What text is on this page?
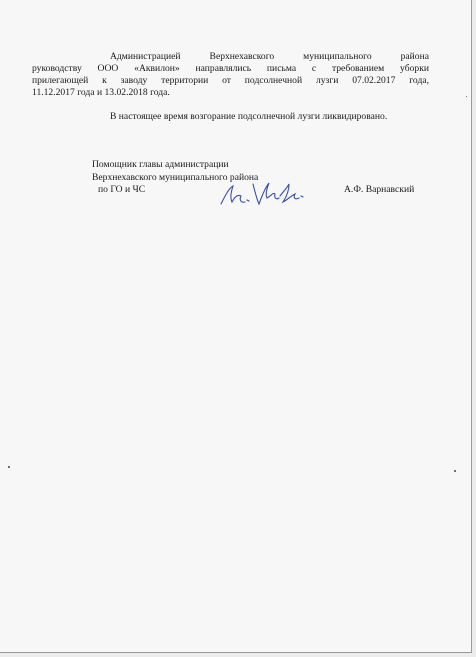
Администрацией Верхнехавского муниципального района
руководству ООО «Аквилон» направлялись письма с требованием уборки
прилегающей к заводу территории от подсолнечной лузги 07.02.2017 года,
11.12.2017 года и 13.02.2018 года.

В настоящее время возгорание подсолнечной лузги ликвидировано.

Помощник главы администрации

Верхнехавского муниципального района

по ГО и ЧС	А.Ф. Варнавский
